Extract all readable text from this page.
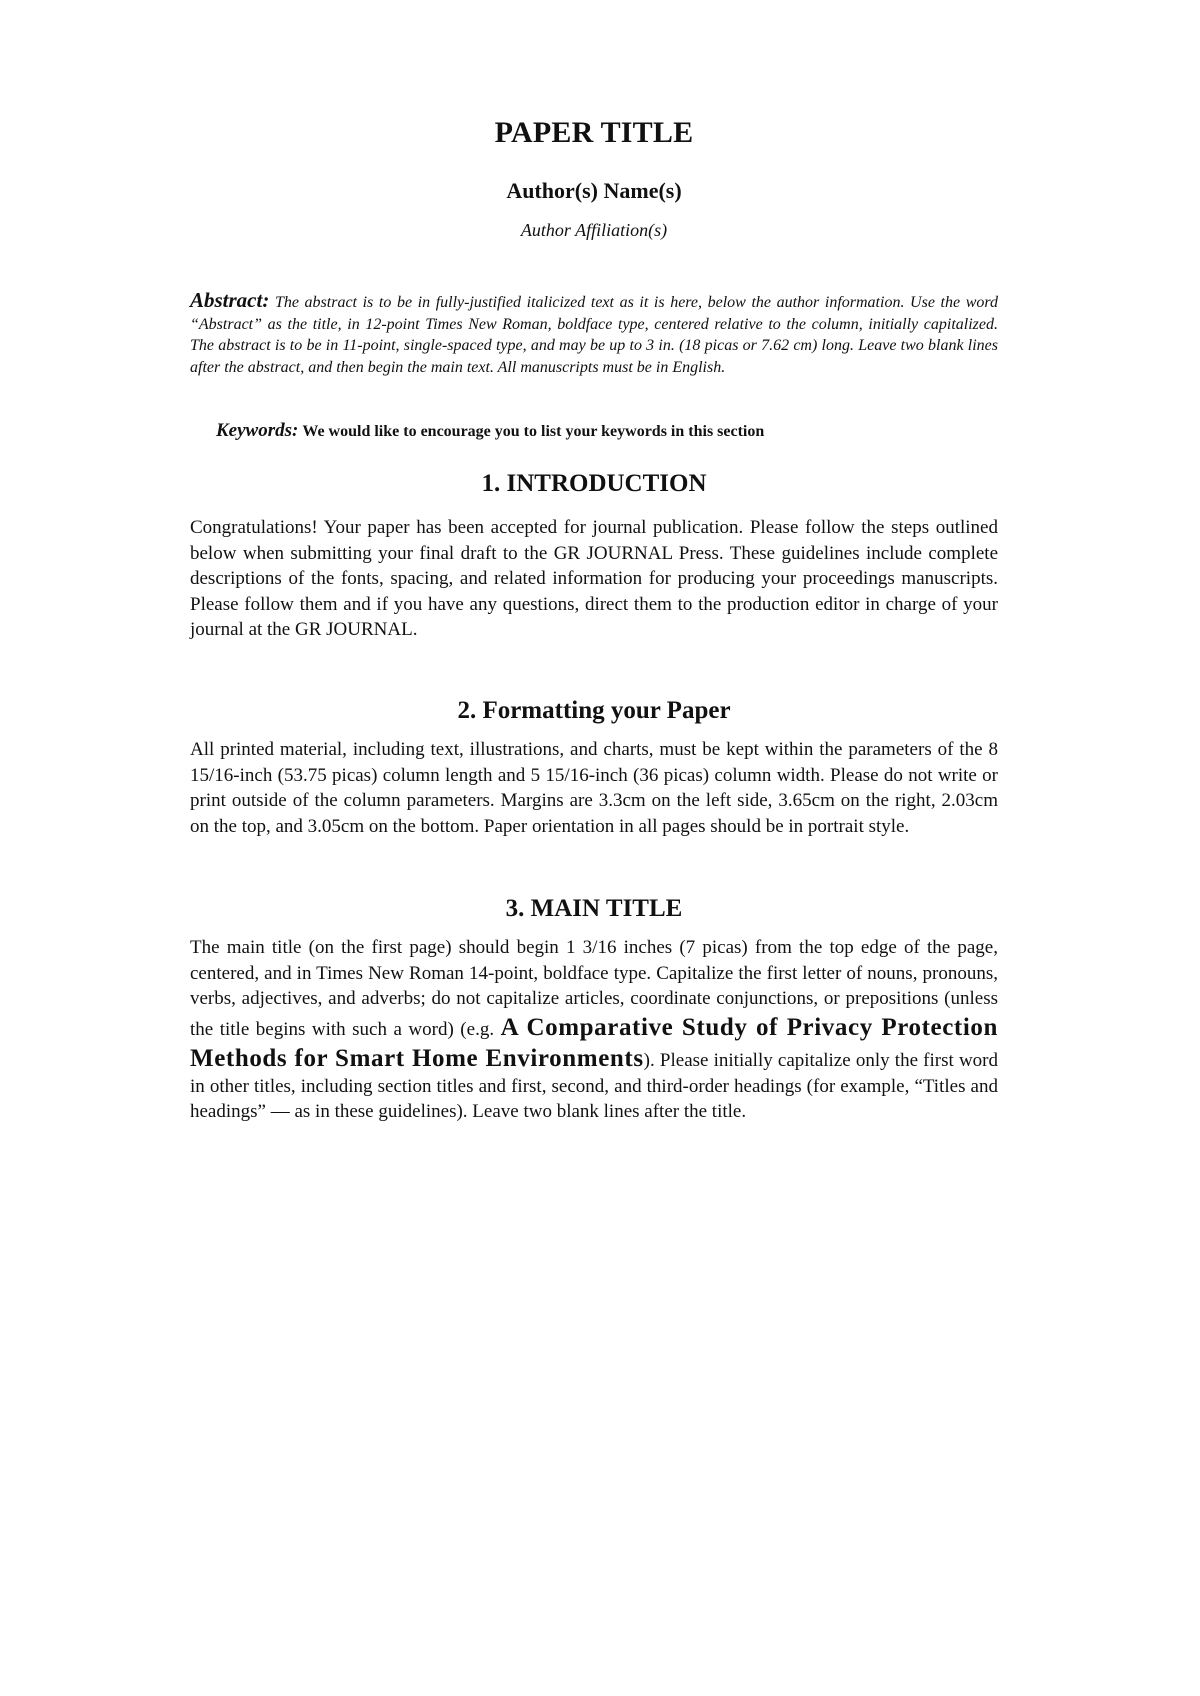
PAPER TITLE

Author(s) Name(s)

Author Affiliation(s)

Abstract: The abstract is to be in fully-justified italicized text as it is here, below the author information. Use the word “Abstract” as the title, in 12-point Times New Roman, boldface type, centered relative to the column, initially capitalized. The abstract is to be in 11-point, single-spaced type, and may be up to 3 in. (18 picas or 7.62 cm) long. Leave two blank lines after the abstract, and then begin the main text. All manuscripts must be in English.

Keywords: We would like to encourage you to list your keywords in this section

1. INTRODUCTION

Congratulations! Your paper has been accepted for journal publication. Please follow the steps outlined below when submitting your final draft to the GR JOURNAL Press. These guidelines include complete descriptions of the fonts, spacing, and related information for producing your proceedings manuscripts. Please follow them and if you have any questions, direct them to the production editor in charge of your journal at the GR JOURNAL.

2. Formatting your Paper

All printed material, including text, illustrations, and charts, must be kept within the parameters of the 8 15/16-inch (53.75 picas) column length and 5 15/16-inch (36 picas) column width. Please do not write or print outside of the column parameters. Margins are 3.3cm on the left side, 3.65cm on the right, 2.03cm on the top, and 3.05cm on the bottom. Paper orientation in all pages should be in portrait style.

3. MAIN TITLE

The main title (on the first page) should begin 1 3/16 inches (7 picas) from the top edge of the page, centered, and in Times New Roman 14-point, boldface type. Capitalize the first letter of nouns, pronouns, verbs, adjectives, and adverbs; do not capitalize articles, coordinate conjunctions, or prepositions (unless the title begins with such a word) (e.g. A Comparative Study of Privacy Protection Methods for Smart Home Environments). Please initially capitalize only the first word in other titles, including section titles and first, second, and third-order headings (for example, “Titles and headings” — as in these guidelines). Leave two blank lines after the title.
